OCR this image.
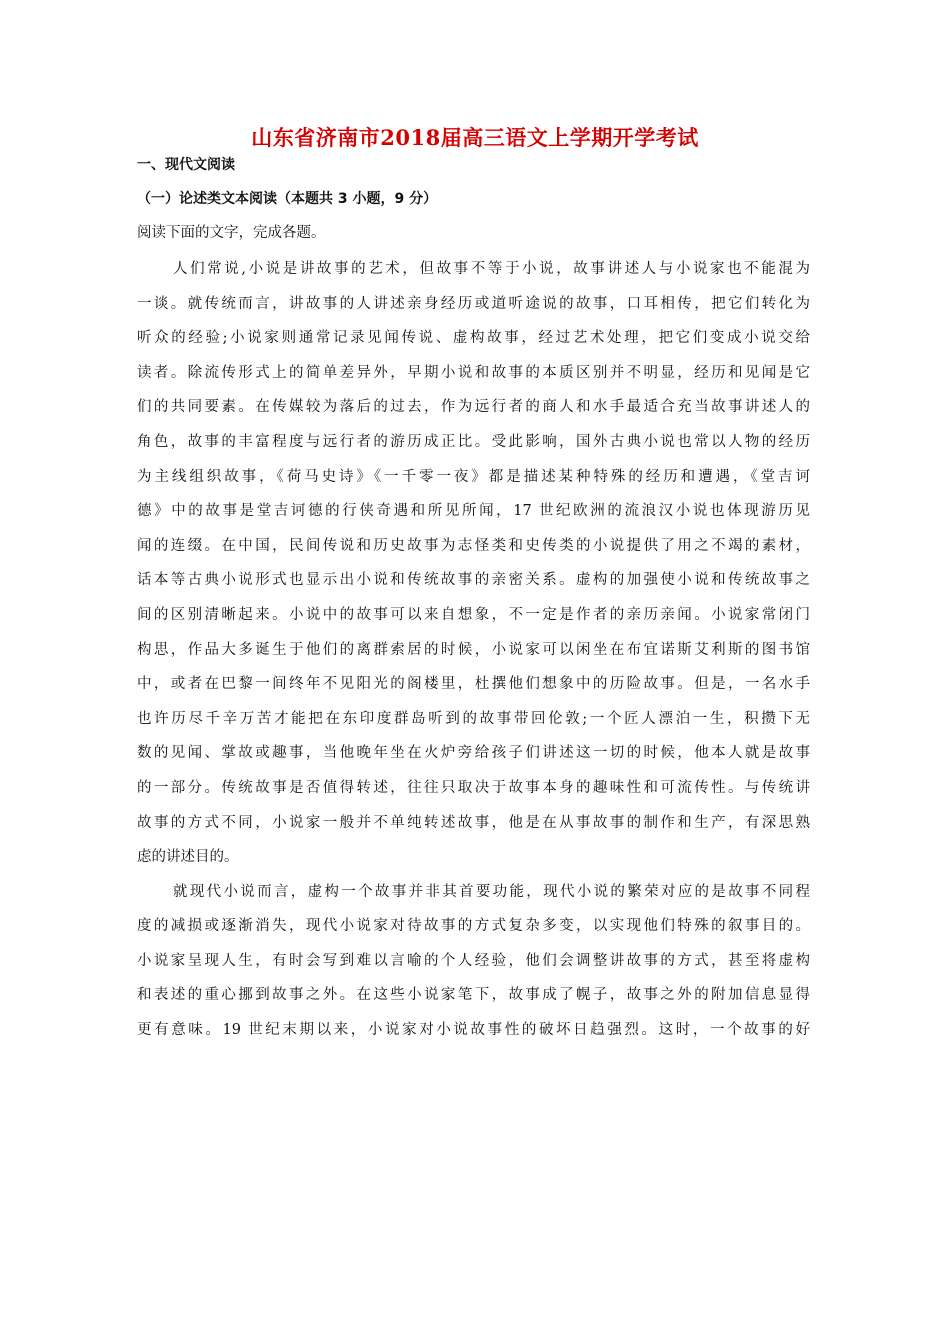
山东省济南市2018届高三语文上学期开学考试
一、现代文阅读
（一）论述类文本阅读（本题共 3 小题，9 分）
阅读下面的文字，完成各题。
人们常说,小说是讲故事的艺术，但故事不等于小说，故事讲述人与小说家也不能混为
一谈。就传统而言，讲故事的人讲述亲身经历或道听途说的故事，口耳相传，把它们转化为
听众的经验;小说家则通常记录见闻传说、虚构故事，经过艺术处理，把它们变成小说交给
读者。除流传形式上的简单差异外，早期小说和故事的本质区别并不明显，经历和见闻是它
们的共同要素。在传媒较为落后的过去，作为远行者的商人和水手最适合充当故事讲述人的
角色，故事的丰富程度与远行者的游历成正比。受此影响，国外古典小说也常以人物的经历
为主线组织故事，《荷马史诗》《一千零一夜》都是描述某种特殊的经历和遭遇，《堂吉诃
德》中的故事是堂吉诃德的行侠奇遇和所见所闻，17 世纪欧洲的流浪汉小说也体现游历见
闻的连缀。在中国，民间传说和历史故事为志怪类和史传类的小说提供了用之不竭的素材，
话本等古典小说形式也显示出小说和传统故事的亲密关系。虚构的加强使小说和传统故事之
间的区别清晰起来。小说中的故事可以来自想象，不一定是作者的亲历亲闻。小说家常闭门
构思，作品大多诞生于他们的离群索居的时候，小说家可以闲坐在布宜诺斯艾利斯的图书馆
中，或者在巴黎一间终年不见阳光的阁楼里，杜撰他们想象中的历险故事。但是，一名水手
也许历尽千辛万苦才能把在东印度群岛听到的故事带回伦敦;一个匠人漂泊一生，积攒下无
数的见闻、掌故或趣事，当他晚年坐在火炉旁给孩子们讲述这一切的时候，他本人就是故事
的一部分。传统故事是否值得转述，往往只取决于故事本身的趣味性和可流传性。与传统讲
故事的方式不同，小说家一般并不单纯转述故事，他是在从事故事的制作和生产，有深思熟
虑的讲述目的。
就现代小说而言，虚构一个故事并非其首要功能，现代小说的繁荣对应的是故事不同程
度的减损或逐渐消失，现代小说家对待故事的方式复杂多变，以实现他们特殊的叙事目的。
小说家呈现人生，有时会写到难以言喻的个人经验，他们会调整讲故事的方式，甚至将虚构
和表述的重心挪到故事之外。在这些小说家笔下，故事成了幌子，故事之外的附加信息显得
更有意味。19 世纪末期以来，小说家对小说故事性的破坏日趋强烈。这时，一个故事的好
